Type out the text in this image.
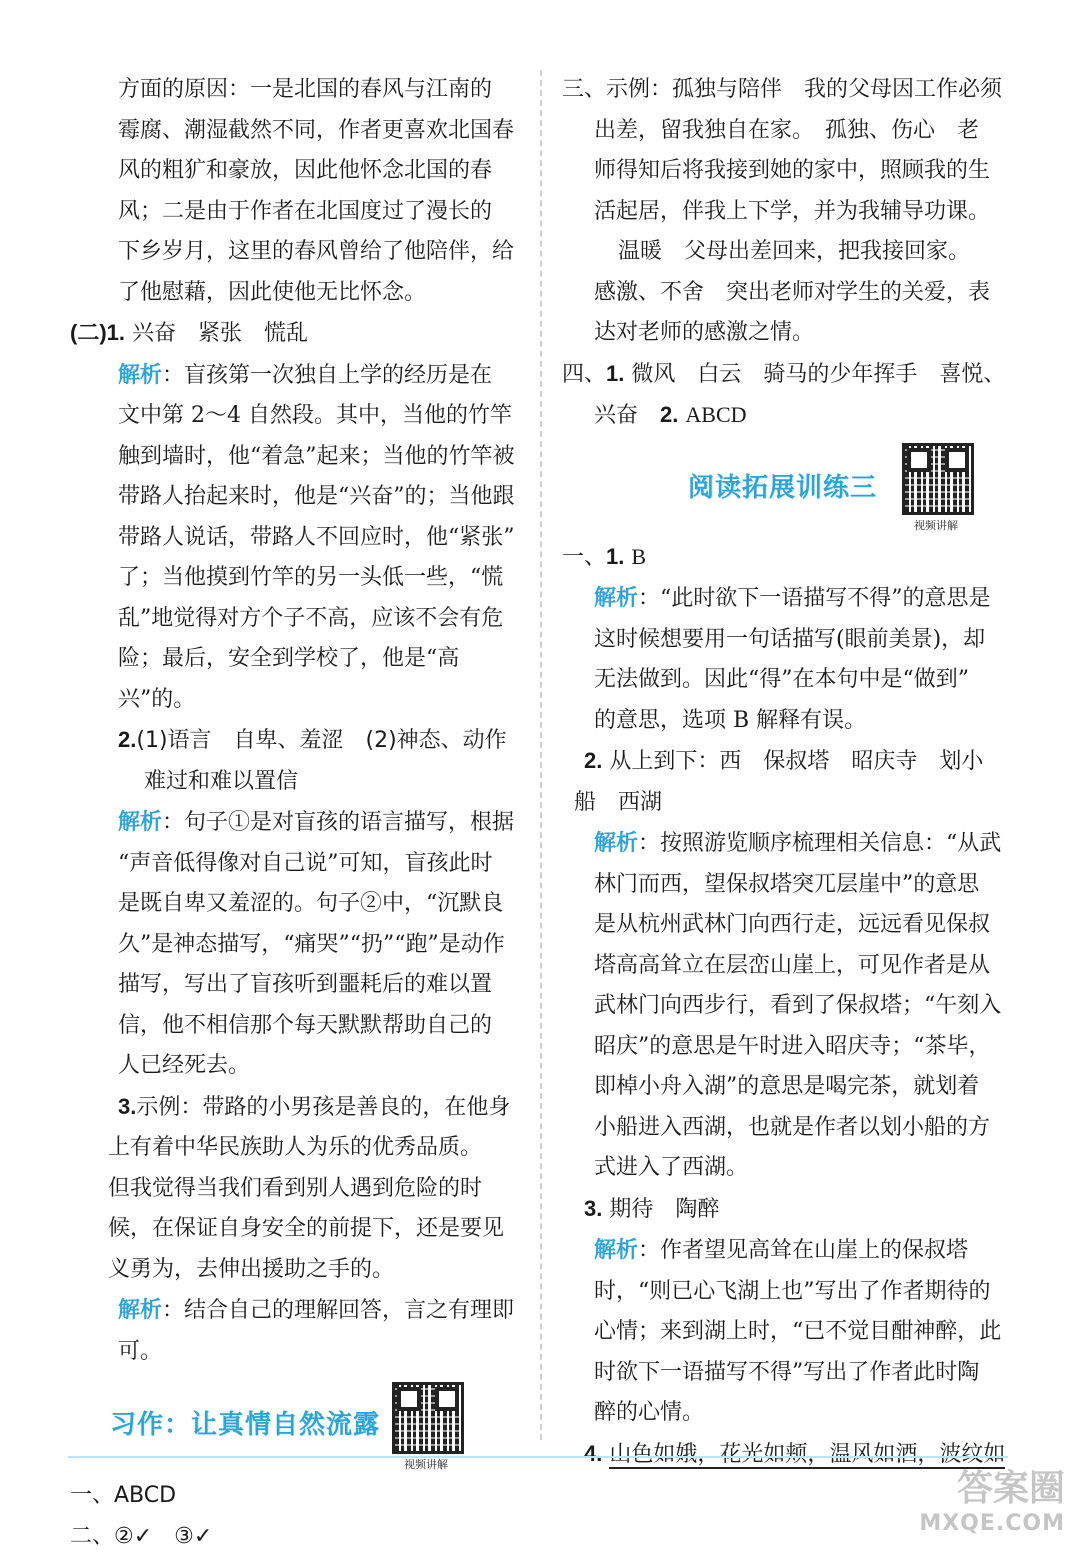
方面的原因：一是北国的春风与江南的
霉腐、潮湿截然不同，作者更喜欢北国春
风的粗犷和豪放，因此他怀念北国的春
风；二是由于作者在北国度过了漫长的
下乡岁月，这里的春风曾给了他陪伴，给
了他慰藉，因此使他无比怀念。
(二)1. 兴奋　紧张　慌乱
解析：盲孩第一次独自上学的经历是在
文中第 2～4 自然段。其中，当他的竹竿
触到墙时，他“着急”起来；当他的竹竿被
带路人抬起来时，他是“兴奋”的；当他跟
带路人说话，带路人不回应时，他“紧张”
了；当他摸到竹竿的另一头低一些，“慌
乱”地觉得对方个子不高，应该不会有危
险；最后，安全到学校了，他是“高兴”的。
2.(1)语言　自卑、羞涩　(2)神态、动作
难过和难以置信
解析：句子①是对盲孩的语言描写，根据
“声音低得像对自己说”可知，盲孩此时
是既自卑又羞涩的。句子②中，“沉默良
久”是神态描写，“痛哭”“扔”“跑”是动作
描写，写出了盲孩听到噩耗后的难以置
信，他不相信那个每天默默帮助自己的
人已经死去。
3.示例：带路的小男孩是善良的，在他身
上有着中华民族助人为乐的优秀品质。
但我觉得当我们看到别人遇到危险的时
候，在保证自身安全的前提下，还是要见
义勇为，去伸出援助之手的。
解析：结合自己的理解回答，言之有理即可。
习作：让真情自然流露
视频讲解
一、ABCD
二、②✓　③✓
三、示例：孤独与陪伴　我的父母因工作必须
出差，留我独自在家。　孤独、伤心　老
师得知后将我接到她的家中，照顾我的生
活起居，伴我上下学，并为我辅导功课。
温暖　父母出差回来，把我接回家。
感激、不舍　突出老师对学生的关爱，表
达对老师的感激之情。
四、1. 微风　白云　骑马的少年挥手　喜悦、
兴奋　 2. ABCD
阅读拓展训练三
视频讲解
一、1. B
解析：“此时欲下一语描写不得”的意思是
这时候想要用一句话描写(眼前美景)，却
无法做到。因此“得”在本句中是“做到”
的意思，选项 B 解释有误。
2. 从上到下：西　保叔塔　昭庆寺　划小
船　西湖
解析：按照游览顺序梳理相关信息：“从武
林门而西，望保叔塔突兀层崖中”的意思
是从杭州武林门向西行走，远远看见保叔
塔高高耸立在层峦山崖上，可见作者是从
武林门向西步行，看到了保叔塔；“午刻入
昭庆”的意思是午时进入昭庆寺；“茶毕，
即棹小舟入湖”的意思是喝完茶，就划着
小船进入西湖，也就是作者以划小船的方
式进入了西湖。
3. 期待　陶醉
解析：作者望见高耸在山崖上的保叔塔
时，“则已心飞湖上也”写出了作者期待的
心情；来到湖上时，“已不觉目酣神醉，此
时欲下一语描写不得”写出了作者此时陶
醉的心情。
4. 山色如娥，花光如颊，温风如酒，波纹如
答案圈
MXQE.COM
